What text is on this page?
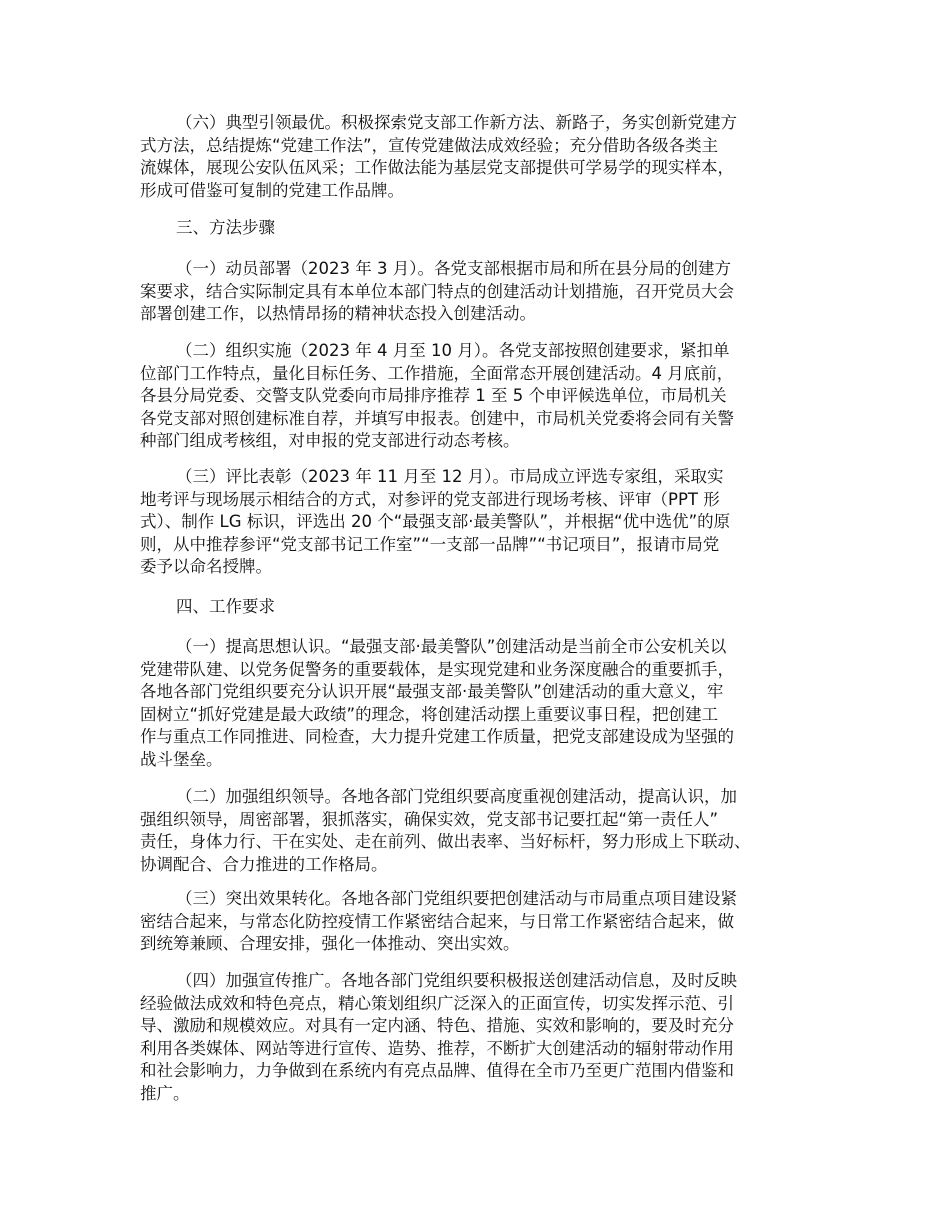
（六）典型引领最优。积极探索党支部工作新方法、新路子，务实创新党建方
式方法，总结提炼“党建工作法”，宣传党建做法成效经验；充分借助各级各类主
流媒体，展现公安队伍风采；工作做法能为基层党支部提供可学易学的现实样本，
形成可借鉴可复制的党建工作品牌。
三、方法步骤
（一）动员部署（2023 年 3 月）。各党支部根据市局和所在县分局的创建方
案要求，结合实际制定具有本单位本部门特点的创建活动计划措施，召开党员大会
部署创建工作，以热情昂扬的精神状态投入创建活动。
（二）组织实施（2023 年 4 月至 10 月）。各党支部按照创建要求，紧扣单
位部门工作特点，量化目标任务、工作措施，全面常态开展创建活动。4 月底前，
各县分局党委、交警支队党委向市局排序推荐 1 至 5 个申评候选单位，市局机关
各党支部对照创建标准自荐，并填写申报表。创建中，市局机关党委将会同有关警
种部门组成考核组，对申报的党支部进行动态考核。
（三）评比表彰（2023 年 11 月至 12 月）。市局成立评选专家组，采取实
地考评与现场展示相结合的方式，对参评的党支部进行现场考核、评审（PPT 形
式）、制作 LG 标识，评选出 20 个“最强支部·最美警队”，并根据“优中选优”的原
则，从中推荐参评“党支部书记工作室”“一支部一品牌”“书记项目”，报请市局党
委予以命名授牌。
四、工作要求
（一）提高思想认识。“最强支部·最美警队”创建活动是当前全市公安机关以
党建带队建、以党务促警务的重要载体，是实现党建和业务深度融合的重要抓手，
各地各部门党组织要充分认识开展“最强支部·最美警队”创建活动的重大意义，牢
固树立“抓好党建是最大政绩”的理念，将创建活动摆上重要议事日程，把创建工
作与重点工作同推进、同检查，大力提升党建工作质量，把党支部建设成为坚强的
战斗堡垒。
（二）加强组织领导。各地各部门党组织要高度重视创建活动，提高认识，加
强组织领导，周密部署，狠抓落实，确保实效，党支部书记要扛起“第一责任人”
责任，身体力行、干在实处、走在前列、做出表率、当好标杆，努力形成上下联动、
协调配合、合力推进的工作格局。
（三）突出效果转化。各地各部门党组织要把创建活动与市局重点项目建设紧
密结合起来，与常态化防控疫情工作紧密结合起来，与日常工作紧密结合起来，做
到统筹兼顾、合理安排，强化一体推动、突出实效。
（四）加强宣传推广。各地各部门党组织要积极报送创建活动信息，及时反映
经验做法成效和特色亮点，精心策划组织广泛深入的正面宣传，切实发挥示范、引
导、激励和规模效应。对具有一定内涵、特色、措施、实效和影响的，要及时充分
利用各类媒体、网站等进行宣传、造势、推荐，不断扩大创建活动的辐射带动作用
和社会影响力，力争做到在系统内有亮点品牌、值得在全市乃至更广范围内借鉴和
推广。
